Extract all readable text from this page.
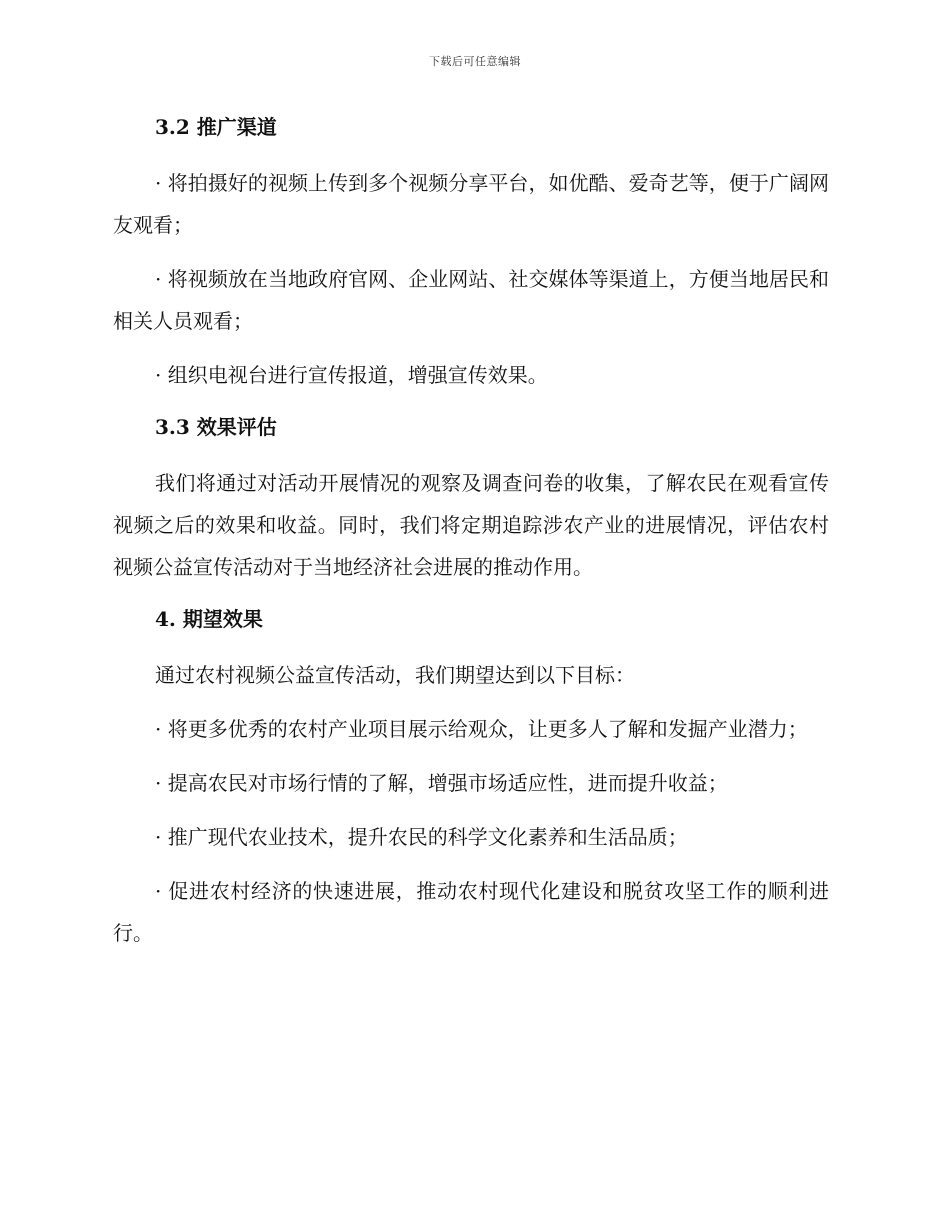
下载后可任意编辑
3.2 推广渠道

· 将拍摄好的视频上传到多个视频分享平台，如优酷、爱奇艺等，便于广阔网友观看；

· 将视频放在当地政府官网、企业网站、社交媒体等渠道上，方便当地居民和相关人员观看；

· 组织电视台进行宣传报道，增强宣传效果。

3.3 效果评估

我们将通过对活动开展情况的观察及调查问卷的收集，了解农民在观看宣传视频之后的效果和收益。同时，我们将定期追踪涉农产业的进展情况，评估农村视频公益宣传活动对于当地经济社会进展的推动作用。

4. 期望效果

通过农村视频公益宣传活动，我们期望达到以下目标：

· 将更多优秀的农村产业项目展示给观众，让更多人了解和发掘产业潜力；

· 提高农民对市场行情的了解，增强市场适应性，进而提升收益；

· 推广现代农业技术，提升农民的科学文化素养和生活品质；

· 促进农村经济的快速进展，推动农村现代化建设和脱贫攻坚工作的顺利进行。
